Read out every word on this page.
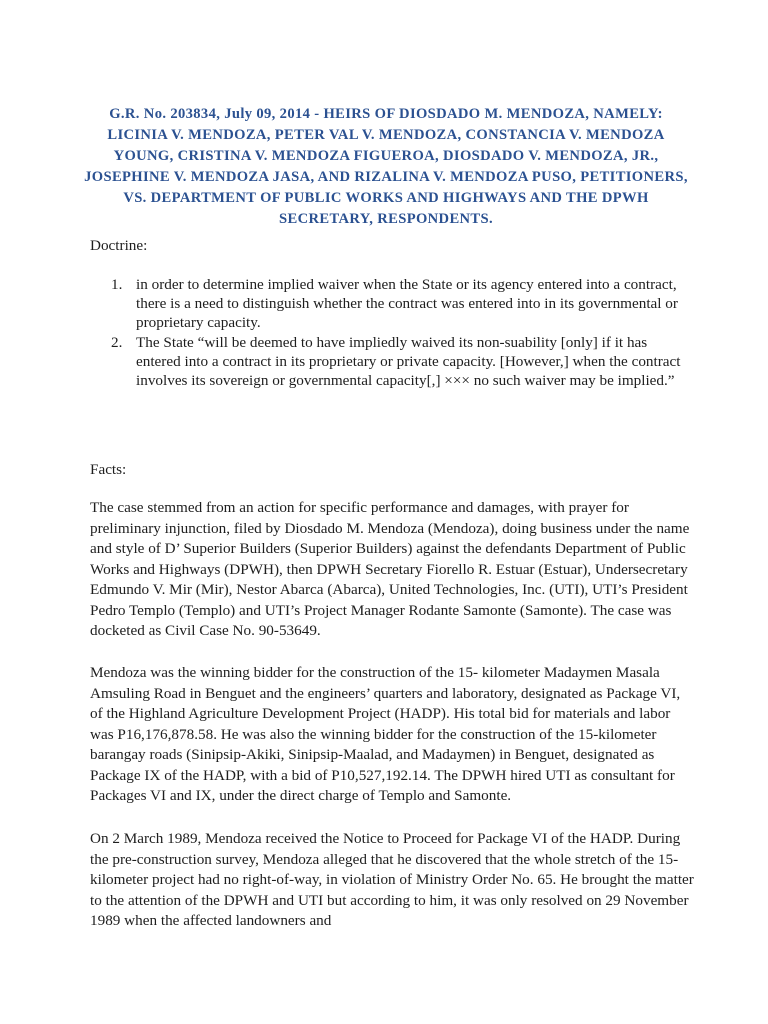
G.R. No. 203834, July 09, 2014 - HEIRS OF DIOSDADO M. MENDOZA, NAMELY: LICINIA V. MENDOZA, PETER VAL V. MENDOZA, CONSTANCIA V. MENDOZA YOUNG, CRISTINA V. MENDOZA FIGUEROA, DIOSDADO V. MENDOZA, JR., JOSEPHINE V. MENDOZA JASA, AND RIZALINA V. MENDOZA PUSO, PETITIONERS, VS. DEPARTMENT OF PUBLIC WORKS AND HIGHWAYS AND THE DPWH SECRETARY, RESPONDENTS.

Doctrine:

1. in order to determine implied waiver when the State or its agency entered into a contract, there is a need to distinguish whether the contract was entered into in its governmental or proprietary capacity.
2. The State “will be deemed to have impliedly waived its non-suability [only] if it has entered into a contract in its proprietary or private capacity. [However,] when the contract involves its sovereign or governmental capacity[,] ××× no such waiver may be implied.”

Facts:

The case stemmed from an action for specific performance and damages, with prayer for preliminary injunction, filed by Diosdado M. Mendoza (Mendoza), doing business under the name and style of D’ Superior Builders (Superior Builders) against the defendants Department of Public Works and Highways (DPWH), then DPWH Secretary Fiorello R. Estuar (Estuar), Undersecretary Edmundo V. Mir (Mir), Nestor Abarca (Abarca), United Technologies, Inc. (UTI), UTI’s President Pedro Templo (Templo) and UTI’s Project Manager Rodante Samonte (Samonte). The case was docketed as Civil Case No. 90-53649.

Mendoza was the winning bidder for the construction of the 15- kilometer Madaymen Masala Amsuling Road in Benguet and the engineers’ quarters and laboratory, designated as Package VI, of the Highland Agriculture Development Project (HADP). His total bid for materials and labor was P16,176,878.58. He was also the winning bidder for the construction of the 15-kilometer barangay roads (Sinipsip-Akiki, Sinipsip-Maalad, and Madaymen) in Benguet, designated as Package IX of the HADP, with a bid of P10,527,192.14. The DPWH hired UTI as consultant for Packages VI and IX, under the direct charge of Templo and Samonte.

On 2 March 1989, Mendoza received the Notice to Proceed for Package VI of the HADP. During the pre-construction survey, Mendoza alleged that he discovered that the whole stretch of the 15- kilometer project had no right-of-way, in violation of Ministry Order No. 65. He brought the matter to the attention of the DPWH and UTI but according to him, it was only resolved on 29 November 1989 when the affected landowners and
